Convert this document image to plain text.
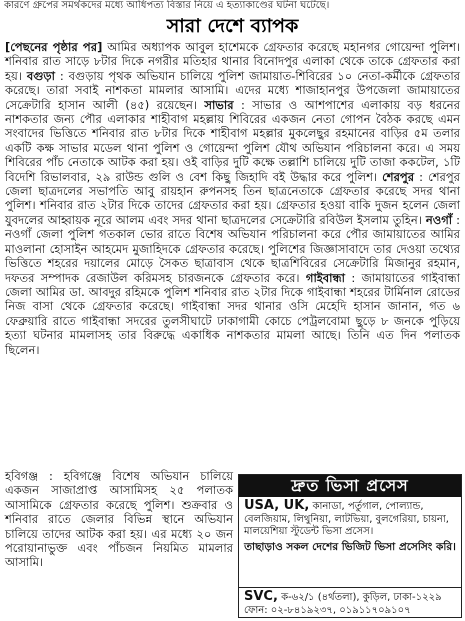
কারণে গ্রুপের সমর্থকদের মধ্যে আধিপত্য বিস্তার নিয়ে এ হত্যাকাণ্ডের ঘটনা ঘটেছে।
সারা দেশে ব্যাপক
[পেছনের পৃষ্ঠার পর] আমির অধ্যাপক আবুল হাশেমকে গ্রেফতার করেছে মহানগর গোয়েন্দা পুলিশ। শনিবার রাত সাড়ে ৮টার দিকে নগরীর মতিহার থানার বিনোদপুর এলাকা থেকে তাকে গ্রেফতার করা হয়। বগুড়া : বগুড়ায় পৃথক অভিযান চালিয়ে পুলিশ জামায়াত-শিবিরের ১০ নেতা-কর্মীকে গ্রেফতার করেছে। তারা সবাই নাশকতা মামলার আসামি। এদের মধ্যে শাজাহানপুর উপজেলা জামায়াতের সেক্রেটারি হাসান আলী (৪৫) রয়েছেন। সাভার : সাভার ও আশপাশের এলাকায় বড় ধরনের নাশকতার জন্য পৌর এলাকার শাহীবাগ মহল্লায় শিবিরের একজন নেতা গোপন বৈঠক করছে এমন সংবাদের ভিত্তিতে শনিবার রাত ৮টার দিকে শাহীবাগ মহল্লার মুকলেছুর রহমানের বাড়ির ৫ম তলার একটি কক্ষ সাভার মডেল থানা পুলিশ ও গোয়েন্দা পুলিশ যৌথ অভিযান পরিচালনা করে। এ সময় শিবিরের পাঁচ নেতাকে আটক করা হয়। ওই বাড়ির দুটি কক্ষে তল্লাশি চালিয়ে দুটি তাজা ককটেল, ১টি বিদেশি রিভালবার, ২৯ রাউন্ড গুলি ও বেশ কিছু জিহাদি বই উদ্ধার করে পুলিশ। শেরপুর : শেরপুর জেলা ছাত্রদলের সভাপতি আবু রায়হান রুপনসহ তিন ছাত্রনেতাকে গ্রেফতার করেছে সদর থানা পুলিশ। শনিবার রাত ২টার দিকে তাদের গ্রেফতার করা হয়। গ্রেফতার হওয়া বাকি দুজন হলেন জেলা যুবদলের আহ্বায়ক নূরে আলম এবং সদর থানা ছাত্রদলের সেক্রেটারি রবিউল ইসলাম তুহিন। নওগাঁ : নওগাঁ জেলা পুলিশ গতকাল ভোর রাতে বিশেষ অভিযান পরিচালনা করে পৌর জামায়াতের আমির মাওলানা হোসাইন আহমেদ মুজাহিদকে গ্রেফতার করেছে। পুলিশের জিজ্ঞাসাবাদে তার দেওয়া তথ্যের ভিত্তিতে শহরের দয়ালের মোড়ে সৈকত ছাত্রাবাস থেকে ছাত্রশিবিরের সেক্রেটারি মিজানুর রহমান, দফতর সম্পাদক রেজাউল করিমসহ চারজনকে গ্রেফতার করে। গাইবান্ধা : জামায়াতের গাইবান্ধা জেলা আমির ডা. আবদুর রহিমকে পুলিশ শনিবার রাত ২টার দিকে গাইবান্ধা শহরের টার্মিনাল রোডের নিজ বাসা থেকে গ্রেফতার করেছে। গাইবান্ধা সদর থানার ওসি মেহেদি হাসান জানান, গত ৬ ফেব্রুয়ারি রাতে গাইবান্ধা সদরের তুলসীঘাটে ঢাকাগামী কোচে পেট্রলবোমা ছুড়ে ৮ জনকে পুড়িয়ে হত্যা ঘটনার মামলাসহ তার বিরুদ্ধে একাধিক নাশকতার মামলা আছে। তিনি এত দিন পলাতক ছিলেন।
হবিগঞ্জ : হবিগঞ্জে বিশেষ অভিযান চালিয়ে একজন সাজাপ্রাপ্ত আসামিসহ ২৫ পলাতক আসামিকে গ্রেফতার করেছে পুলিশ। শুক্রবার ও শনিবার রাতে জেলার বিভিন্ন স্থানে অভিযান চালিয়ে তাদের আটক করা হয়। এর মধ্যে ২০ জন পরোয়ানাভুক্ত এবং পাঁচজন নিয়মিত মামলার আসামি।
দ্রুত ভিসা প্রসেস
USA, UK, কানাডা, পর্তুগাল, পোল্যান্ড, বেলজিয়াম, লিথুনিয়া, লাটভিয়া, বুলগেরিয়া, চায়না, মালয়েশিয়া স্টুডেন্ট ভিসা প্রসেস।
তাছাড়াও সকল দেশের ভিজিট ভিসা প্রসেসিং করি।
SVC, ক-৬২/১ (৪র্থতলা), কুড়িল, ঢাকা-১২২৯
ফোন: ০২-৮৪১৯২৩৭, ০১৯১১৭০৯১০৭
